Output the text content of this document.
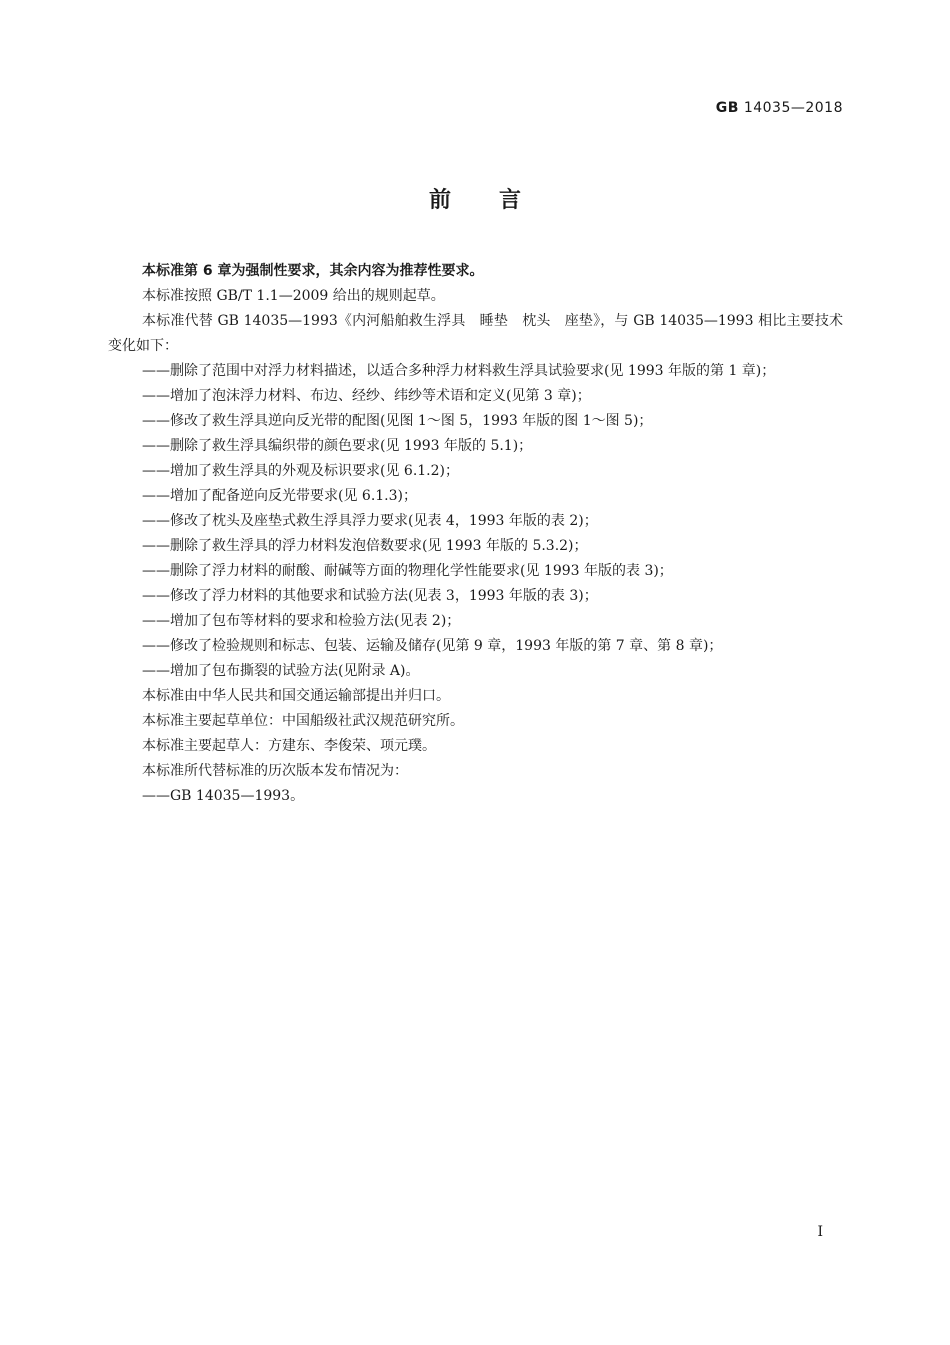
GB 14035—2018
前言

本标准第 6 章为强制性要求，其余内容为推荐性要求。

本标准按照 GB/T 1.1—2009 给出的规则起草。

本标准代替 GB 14035—1993《内河船舶救生浮具　睡垫　枕头　座垫》，与 GB 14035—1993 相比主要技术变化如下：

——删除了范围中对浮力材料描述，以适合多种浮力材料救生浮具试验要求(见 1993 年版的第 1 章)；

——增加了泡沫浮力材料、布边、经纱、纬纱等术语和定义(见第 3 章)；

——修改了救生浮具逆向反光带的配图(见图 1～图 5，1993 年版的图 1～图 5)；

——删除了救生浮具编织带的颜色要求(见 1993 年版的 5.1)；

——增加了救生浮具的外观及标识要求(见 6.1.2)；

——增加了配备逆向反光带要求(见 6.1.3)；

——修改了枕头及座垫式救生浮具浮力要求(见表 4，1993 年版的表 2)；

——删除了救生浮具的浮力材料发泡倍数要求(见 1993 年版的 5.3.2)；

——删除了浮力材料的耐酸、耐碱等方面的物理化学性能要求(见 1993 年版的表 3)；

——修改了浮力材料的其他要求和试验方法(见表 3，1993 年版的表 3)；

——增加了包布等材料的要求和检验方法(见表 2)；

——修改了检验规则和标志、包装、运输及储存(见第 9 章，1993 年版的第 7 章、第 8 章)；

——增加了包布撕裂的试验方法(见附录 A)。

本标准由中华人民共和国交通运输部提出并归口。

本标准主要起草单位：中国船级社武汉规范研究所。

本标准主要起草人：方建东、李俊荣、项元璞。

本标准所代替标准的历次版本发布情况为：

——GB 14035—1993。

I
